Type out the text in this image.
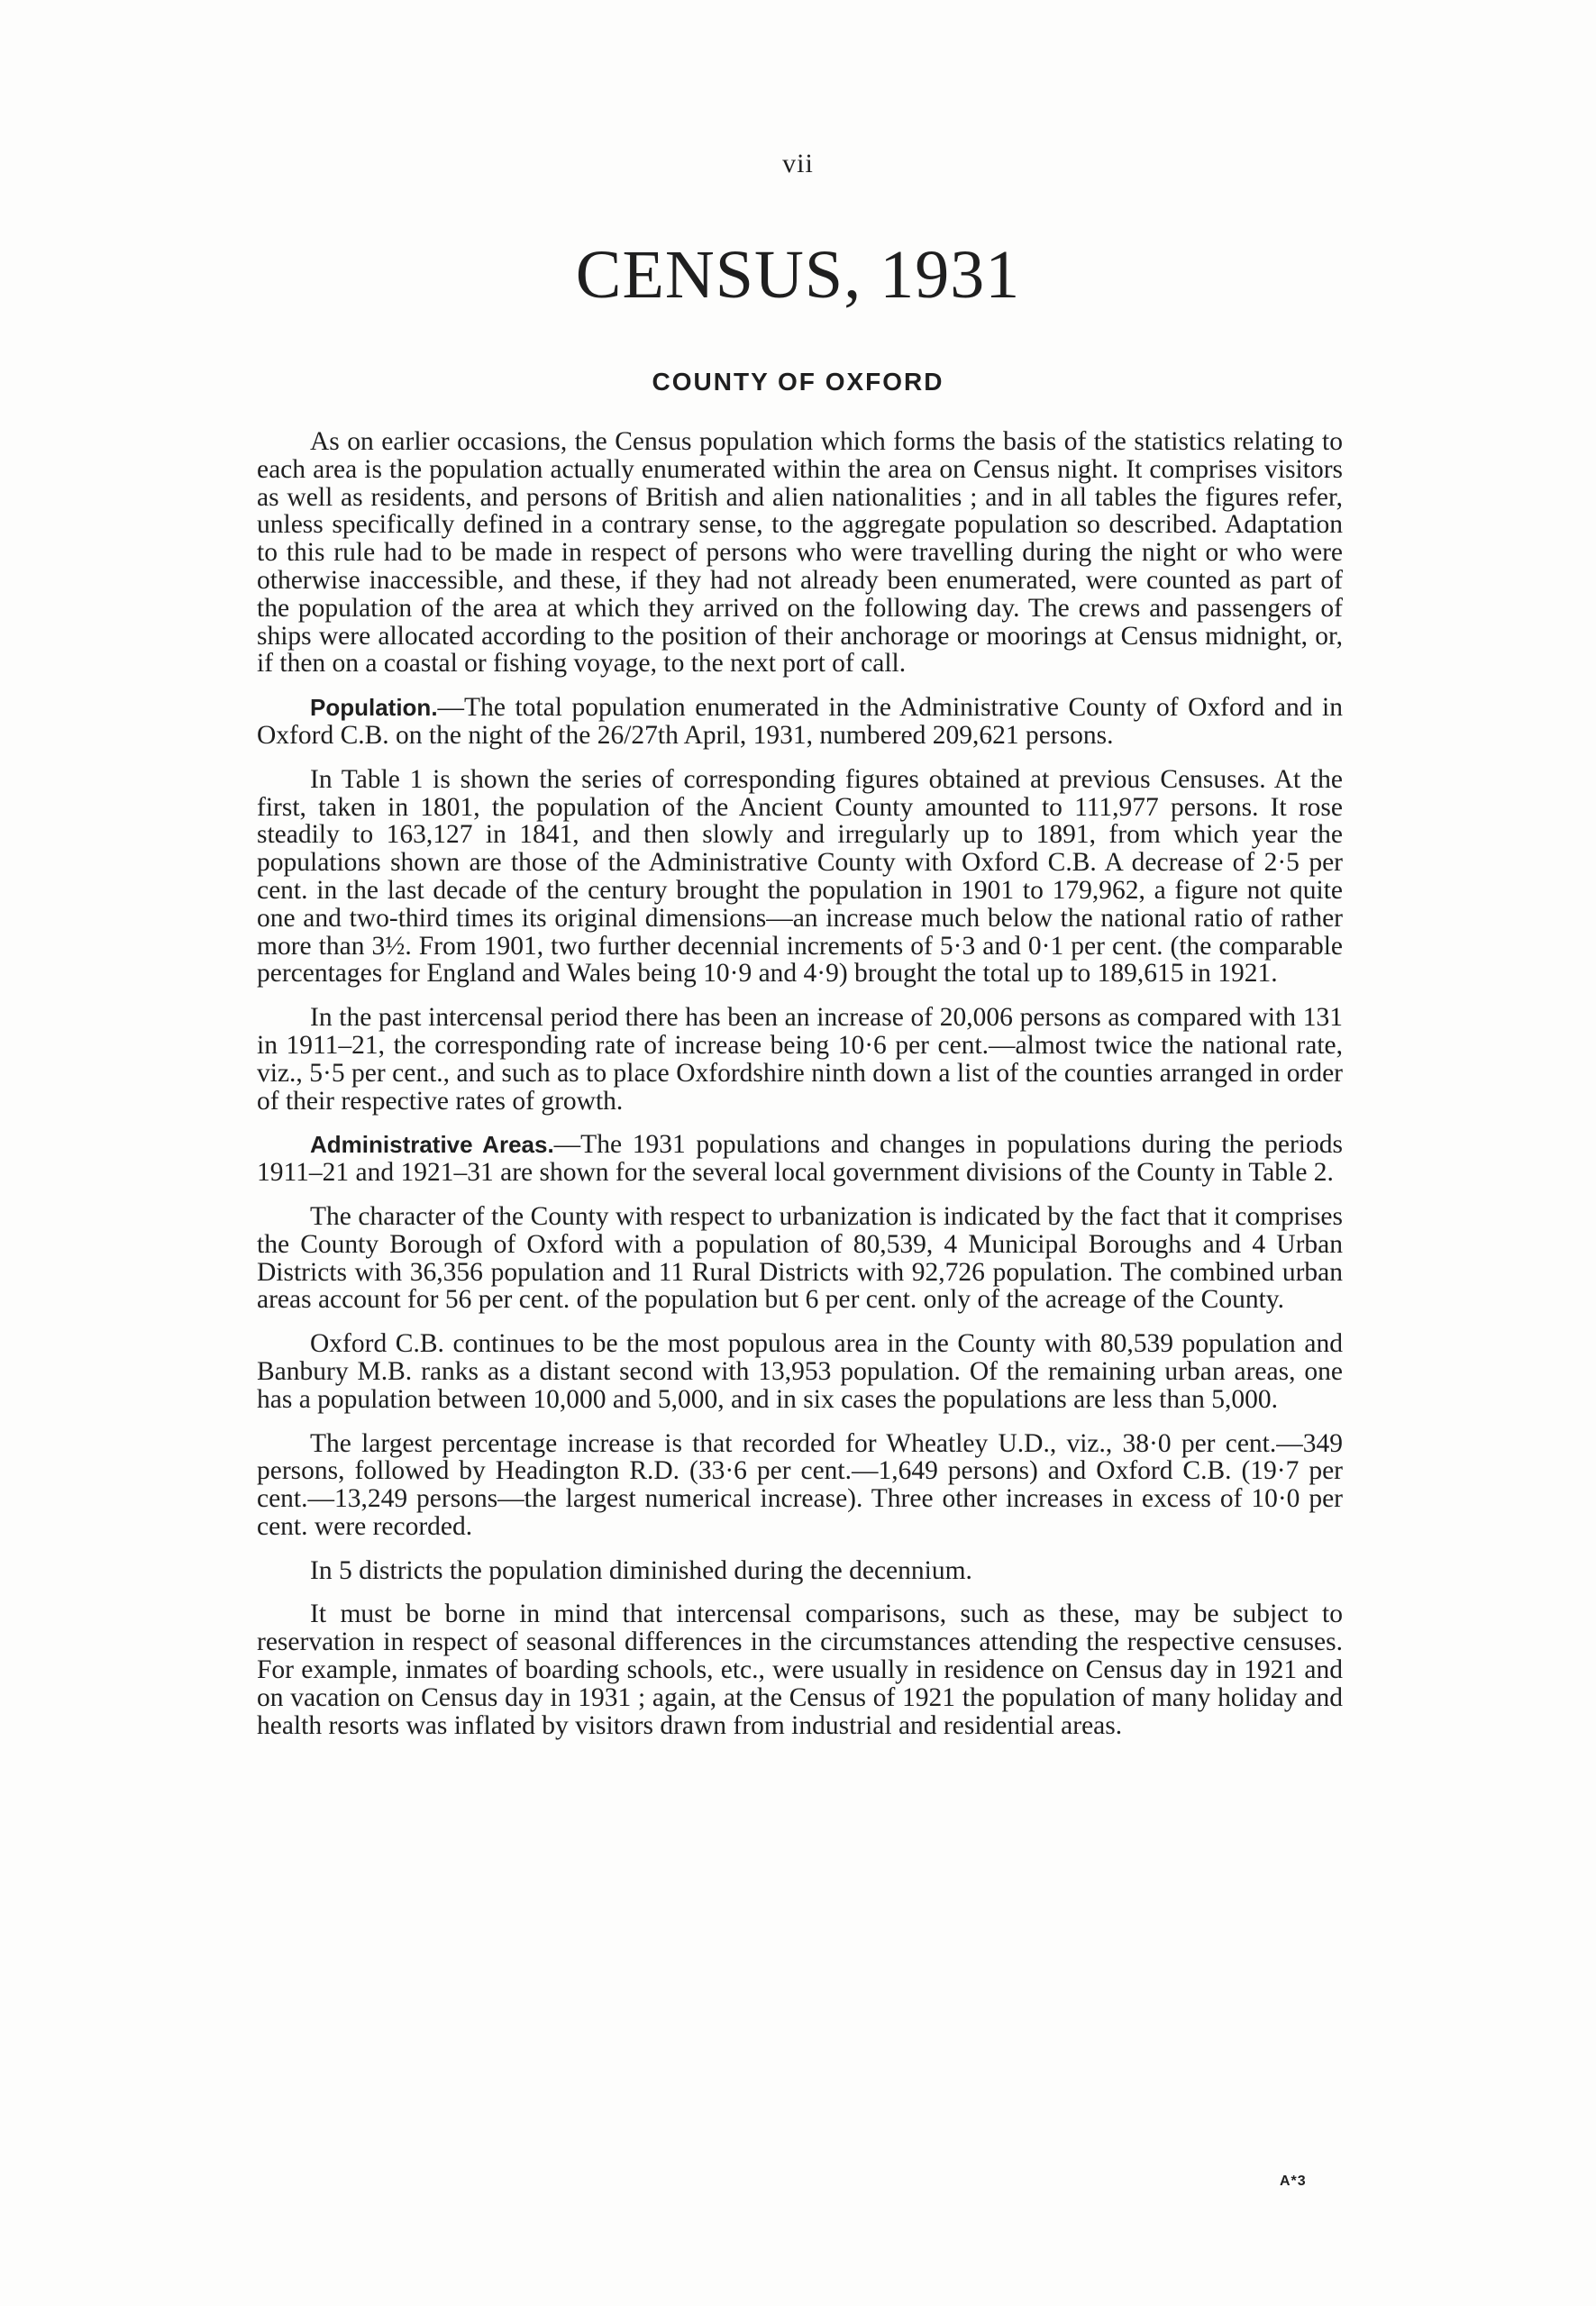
vii
CENSUS, 1931
COUNTY OF OXFORD

As on earlier occasions, the Census population which forms the basis of the statistics relating to each area is the population actually enumerated within the area on Census night. It comprises visitors as well as residents, and persons of British and alien nationalities ; and in all tables the figures refer, unless specifically defined in a contrary sense, to the aggregate population so described. Adaptation to this rule had to be made in respect of persons who were travelling during the night or who were otherwise inaccessible, and these, if they had not already been enumerated, were counted as part of the population of the area at which they arrived on the following day. The crews and passengers of ships were allocated according to the position of their anchorage or moorings at Census midnight, or, if then on a coastal or fishing voyage, to the next port of call.

Population.—The total population enumerated in the Administrative County of Oxford and in Oxford C.B. on the night of the 26/27th April, 1931, numbered 209,621 persons.

In Table 1 is shown the series of corresponding figures obtained at previous Censuses. At the first, taken in 1801, the population of the Ancient County amounted to 111,977 persons. It rose steadily to 163,127 in 1841, and then slowly and irregularly up to 1891, from which year the populations shown are those of the Administrative County with Oxford C.B. A decrease of 2·5 per cent. in the last decade of the century brought the population in 1901 to 179,962, a figure not quite one and two-third times its original dimensions—an increase much below the national ratio of rather more than 3½. From 1901, two further decennial increments of 5·3 and 0·1 per cent. (the comparable percentages for England and Wales being 10·9 and 4·9) brought the total up to 189,615 in 1921.

In the past intercensal period there has been an increase of 20,006 persons as compared with 131 in 1911–21, the corresponding rate of increase being 10·6 per cent.—almost twice the national rate, viz., 5·5 per cent., and such as to place Oxfordshire ninth down a list of the counties arranged in order of their respective rates of growth.

Administrative Areas.—The 1931 populations and changes in populations during the periods 1911–21 and 1921–31 are shown for the several local government divisions of the County in Table 2.

The character of the County with respect to urbanization is indicated by the fact that it comprises the County Borough of Oxford with a population of 80,539, 4 Municipal Boroughs and 4 Urban Districts with 36,356 population and 11 Rural Districts with 92,726 population. The combined urban areas account for 56 per cent. of the population but 6 per cent. only of the acreage of the County.

Oxford C.B. continues to be the most populous area in the County with 80,539 population and Banbury M.B. ranks as a distant second with 13,953 population. Of the remaining urban areas, one has a population between 10,000 and 5,000, and in six cases the populations are less than 5,000.

The largest percentage increase is that recorded for Wheatley U.D., viz., 38·0 per cent.—349 persons, followed by Headington R.D. (33·6 per cent.—1,649 persons) and Oxford C.B. (19·7 per cent.—13,249 persons—the largest numerical increase). Three other increases in excess of 10·0 per cent. were recorded.

In 5 districts the population diminished during the decennium.

It must be borne in mind that intercensal comparisons, such as these, may be subject to reservation in respect of seasonal differences in the circumstances attending the respective censuses. For example, inmates of boarding schools, etc., were usually in residence on Census day in 1921 and on vacation on Census day in 1931 ; again, at the Census of 1921 the population of many holiday and health resorts was inflated by visitors drawn from industrial and residential areas.

A*3
